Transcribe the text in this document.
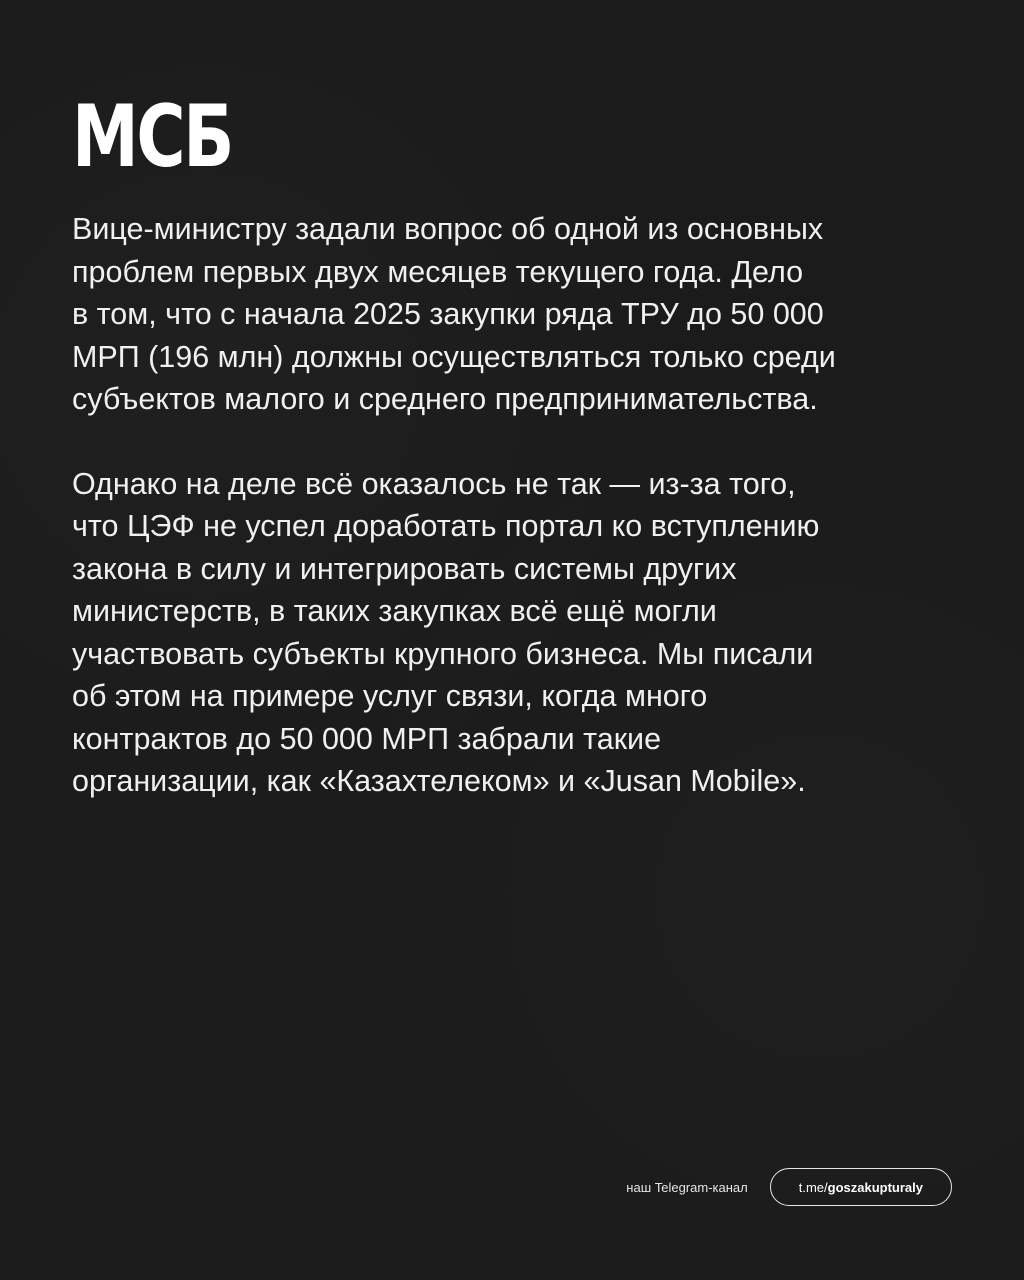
МСБ

Вице-министру задали вопрос об одной из основных
проблем первых двух месяцев текущего года. Дело
в том, что с начала 2025 закупки ряда ТРУ до 50 000
МРП (196 млн) должны осуществляться только среди
субъектов малого и среднего предпринимательства.

Однако на деле всё оказалось не так — из-за того,
что ЦЭФ не успел доработать портал ко вступлению
закона в силу и интегрировать системы других
министерств, в таких закупках всё ещё могли
участвовать субъекты крупного бизнеса. Мы писали
об этом на примере услуг связи, когда много
контрактов до 50 000 МРП забрали такие
организации, как «Казахтелеком» и «Jusan Mobile».

наш Telegram-канал	t.me/ goszakupturaly
